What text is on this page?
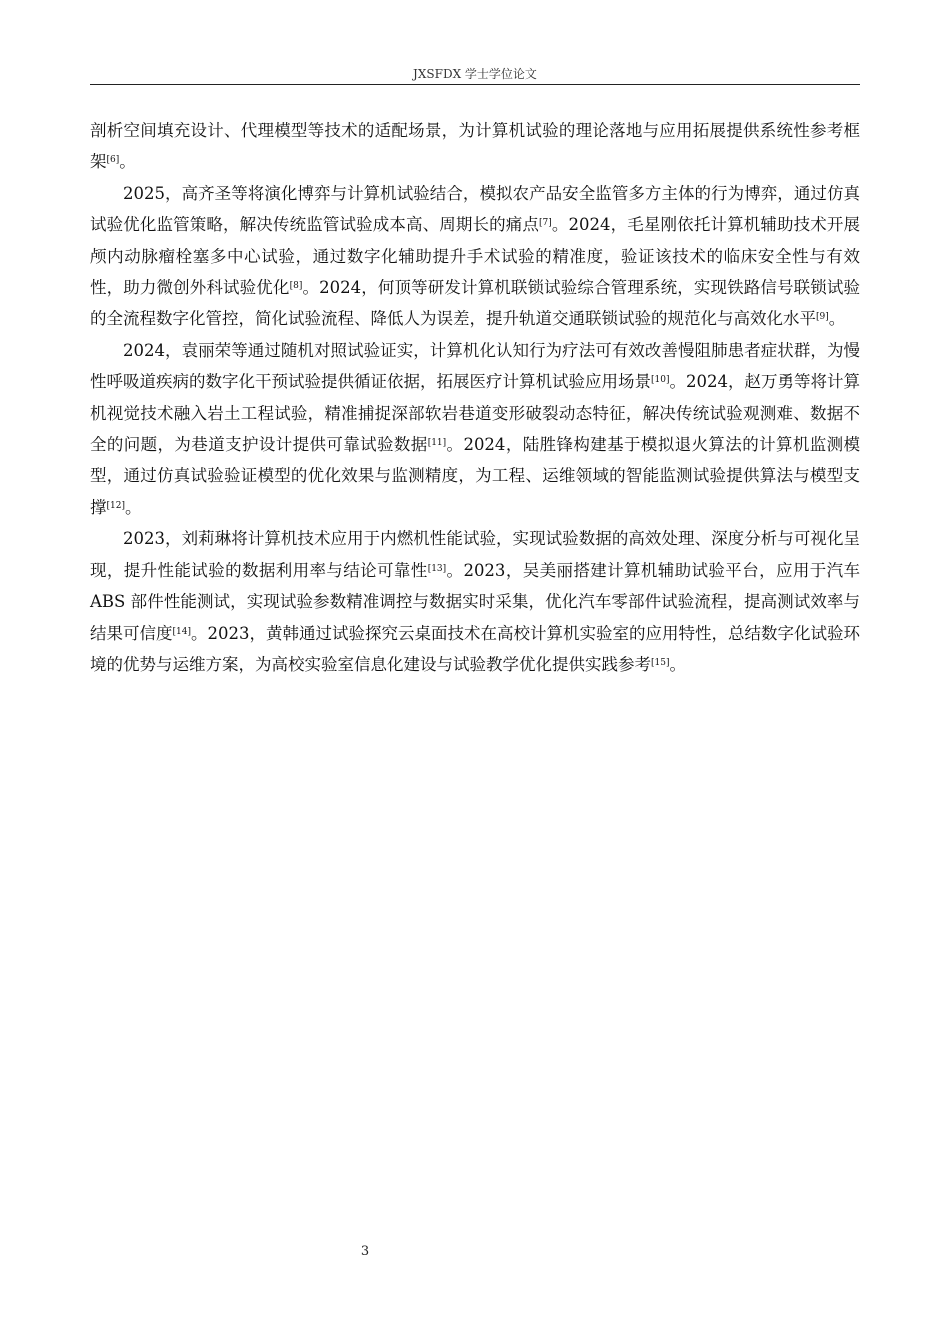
JXSFDX 学士学位论文

剖析空间填充设计、代理模型等技术的适配场景，为计算机试验的理论落地与应用拓展提供系统性参考框架[6]。

2025，高齐圣等将演化博弈与计算机试验结合，模拟农产品安全监管多方主体的行为博弈，通过仿真试验优化监管策略，解决传统监管试验成本高、周期长的痛点[7]。2024，毛星刚依托计算机辅助技术开展颅内动脉瘤栓塞多中心试验，通过数字化辅助提升手术试验的精准度，验证该技术的临床安全性与有效性，助力微创外科试验优化[8]。2024，何顶等研发计算机联锁试验综合管理系统，实现铁路信号联锁试验的全流程数字化管控，简化试验流程、降低人为误差，提升轨道交通联锁试验的规范化与高效化水平[9]。

2024，袁丽荣等通过随机对照试验证实，计算机化认知行为疗法可有效改善慢阻肺患者症状群，为慢性呼吸道疾病的数字化干预试验提供循证依据，拓展医疗计算机试验应用场景[10]。2024，赵万勇等将计算机视觉技术融入岩土工程试验，精准捕捉深部软岩巷道变形破裂动态特征，解决传统试验观测难、数据不全的问题，为巷道支护设计提供可靠试验数据[11]。2024，陆胜锋构建基于模拟退火算法的计算机监测模型，通过仿真试验验证模型的优化效果与监测精度，为工程、运维领域的智能监测试验提供算法与模型支撑[12]。

2023，刘莉琳将计算机技术应用于内燃机性能试验，实现试验数据的高效处理、深度分析与可视化呈现，提升性能试验的数据利用率与结论可靠性[13]。2023，吴美丽搭建计算机辅助试验平台，应用于汽车 ABS 部件性能测试，实现试验参数精准调控与数据实时采集，优化汽车零部件试验流程，提高测试效率与结果可信度[14]。2023，黄韩通过试验探究云桌面技术在高校计算机实验室的应用特性，总结数字化试验环境的优势与运维方案，为高校实验室信息化建设与试验教学优化提供实践参考[15]。

3
